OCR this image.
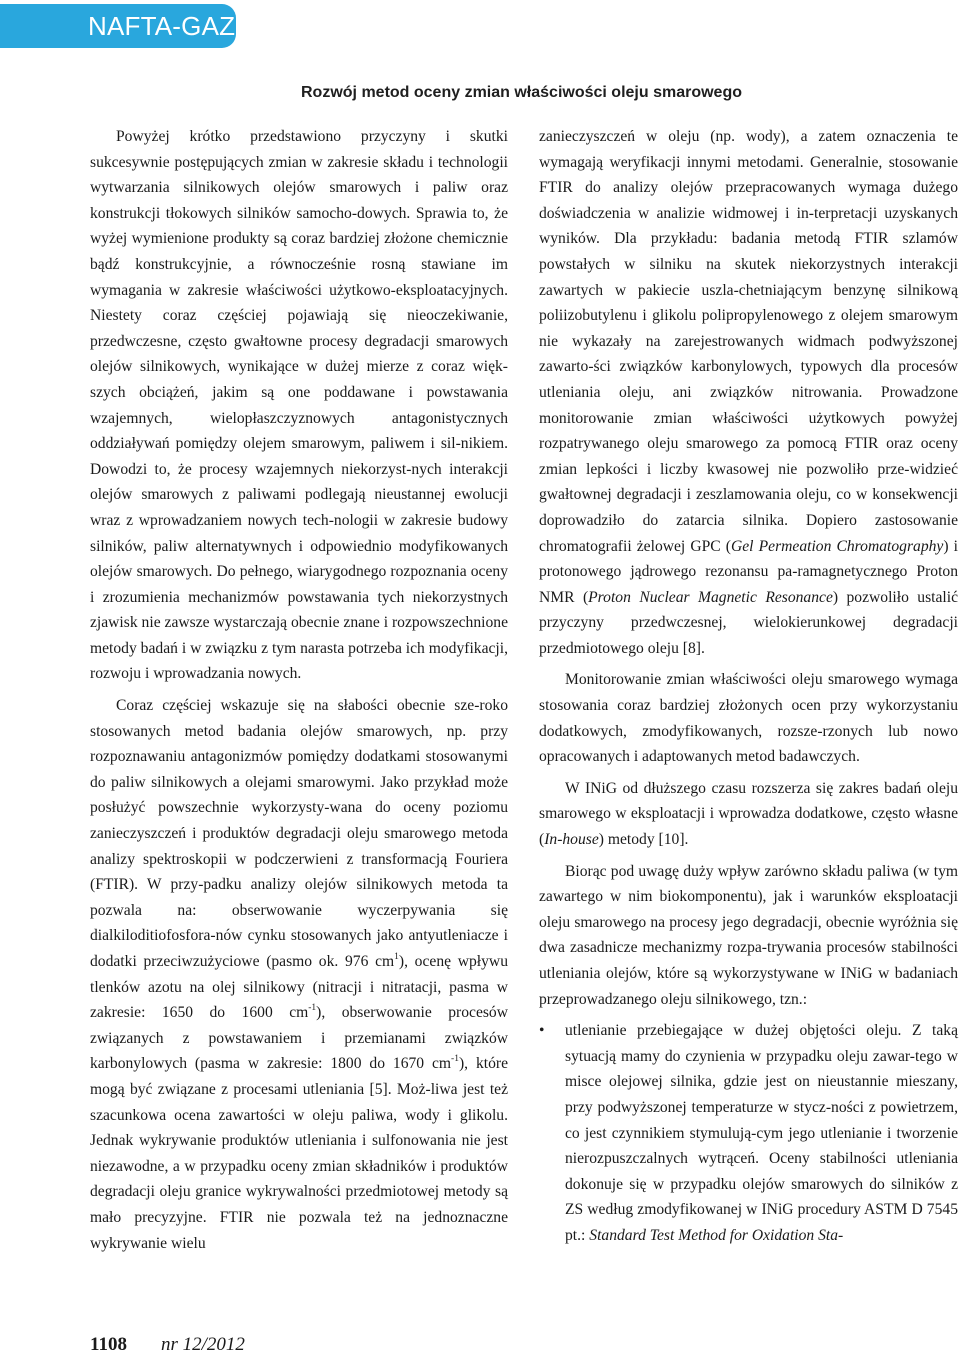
NAFTA-GAZ
Rozwój metod oceny zmian właściwości oleju smarowego

Powyżej krótko przedstawiono przyczyny i skutki sukcesywnie postępujących zmian w zakresie składu i technologii wytwarzania silnikowych olejów smarowych i paliw oraz konstrukcji tłokowych silników samocho-dowych. Sprawia to, że wyżej wymienione produkty są coraz bardziej złożone chemicznie bądź konstrukcyjnie, a równocześnie rosną stawiane im wymagania w zakresie właściwości użytkowo-eksploatacyjnych. Niestety coraz częściej pojawiają się nieoczekiwanie, przedwczesne, często gwałtowne procesy degradacji smarowych olejów silnikowych, wynikające w dużej mierze z coraz więk-szych obciążeń, jakim są one poddawane i powstawania wzajemnych, wielopłaszczyznowych antagonistycznych oddziaływań pomiędzy olejem smarowym, paliwem i sil-nikiem. Dowodzi to, że procesy wzajemnych niekorzyst-nych interakcji olejów smarowych z paliwami podlegają nieustannej ewolucji wraz z wprowadzaniem nowych tech-nologii w zakresie budowy silników, paliw alternatywnych i odpowiednio modyfikowanych olejów smarowych. Do pełnego, wiarygodnego rozpoznania oceny i zrozumienia mechanizmów powstawania tych niekorzystnych zjawisk nie zawsze wystarczają obecnie znane i rozpowszechnione metody badań i w związku z tym narasta potrzeba ich modyfikacji, rozwoju i wprowadzania nowych.

Coraz częściej wskazuje się na słabości obecnie sze-roko stosowanych metod badania olejów smarowych, np. przy rozpoznawaniu antagonizmów pomiędzy dodatkami stosowanymi do paliw silnikowych a olejami smarowymi. Jako przykład może posłużyć powszechnie wykorzysty-wana do oceny poziomu zanieczyszczeń i produktów degradacji oleju smarowego metoda analizy spektroskopii w podczerwieni z transformacją Fouriera (FTIR). W przy-padku analizy olejów silnikowych metoda ta pozwala na: obserwowanie wyczerpywania się dialkiloditiofosfora-nów cynku stosowanych jako antyutleniacze i dodatki przeciwzużyciowe (pasmo ok. 976 $cm^1$), ocenę wpływu tlenków azotu na olej silnikowy (nitracji i nitratacji, pasma w zakresie: 1650 do 1600 $cm^{-1}$), obserwowanie procesów związanych z powstawaniem i przemianami związków karbonylowych (pasma w zakresie: 1800 do 1670 $cm^{-1}$), które mogą być związane z procesami utleniania [5]. Moż-liwa jest też szacunkowa ocena zawartości w oleju paliwa, wody i glikolu. Jednak wykrywanie produktów utleniania i sulfonowania nie jest niezawodne, a w przypadku oceny zmian składników i produktów degradacji oleju granice wykrywalności przedmiotowej metody są mało precyzyjne. FTIR nie pozwala też na jednoznaczne wykrywanie wielu

zanieczyszczeń w oleju (np. wody), a zatem oznaczenia te wymagają weryfikacji innymi metodami. Generalnie, stosowanie FTIR do analizy olejów przepracowanych wymaga dużego doświadczenia w analizie widmowej i in-terpretacji uzyskanych wyników. Dla przykładu: badania metodą FTIR szlamów powstałych w silniku na skutek niekorzystnych interakcji zawartych w pakiecie uszla-chetniającym benzynę silnikową poliizobutylenu i glikolu polipropylenowego z olejem smarowym nie wykazały na zarejestrowanych widmach podwyższonej zawarto-ści związków karbonylowych, typowych dla procesów utleniania oleju, ani związków nitrowania. Prowadzone monitorowanie zmian właściwości użytkowych powyżej rozpatrywanego oleju smarowego za pomocą FTIR oraz oceny zmian lepkości i liczby kwasowej nie pozwoliło prze-widzieć gwałtownej degradacji i zeszlamowania oleju, co w konsekwencji doprowadziło do zatarcia silnika. Dopiero zastosowanie chromatografii żelowej GPC (Gel Permeation Chromatography) i protonowego jądrowego rezonansu pa-ramagnetycznego Proton NMR (Proton Nuclear Magnetic Resonance) pozwoliło ustalić przyczyny przedwczesnej, wielokierunkowej degradacji przedmiotowego oleju [8].

Monitorowanie zmian właściwości oleju smarowego wymaga stosowania coraz bardziej złożonych ocen przy wykorzystaniu dodatkowych, zmodyfikowanych, rozsze-rzonych lub nowo opracowanych i adaptowanych metod badawczych.

W INiG od dłuższego czasu rozszerza się zakres badań oleju smarowego w eksploatacji i wprowadza dodatkowe, często własne (In-house) metody [10].

Biorąc pod uwagę duży wpływ zarówno składu paliwa (w tym zawartego w nim biokomponentu), jak i warunków eksploatacji oleju smarowego na procesy jego degradacji, obecnie wyróżnia się dwa zasadnicze mechanizmy rozpa-trywania procesów stabilności utleniania olejów, które są wykorzystywane w INiG w badaniach przeprowadzanego oleju silnikowego, tzn.:

• utlenianie przebiegające w dużej objętości oleju. Z taką sytuacją mamy do czynienia w przypadku oleju zawar-tego w misce olejowej silnika, gdzie jest on nieustannie mieszany, przy podwyższonej temperaturze w stycz-ności z powietrzem, co jest czynnikiem stymulują-cym jego utlenianie i tworzenie nierozpuszczalnych wytrąceń. Oceny stabilności utleniania dokonuje się w przypadku olejów smarowych do silników z ZS według zmodyfikowanej w INiG procedury ASTM D 7545 pt.: Standard Test Method for Oxidation Sta-
1108 nr 12/2012
